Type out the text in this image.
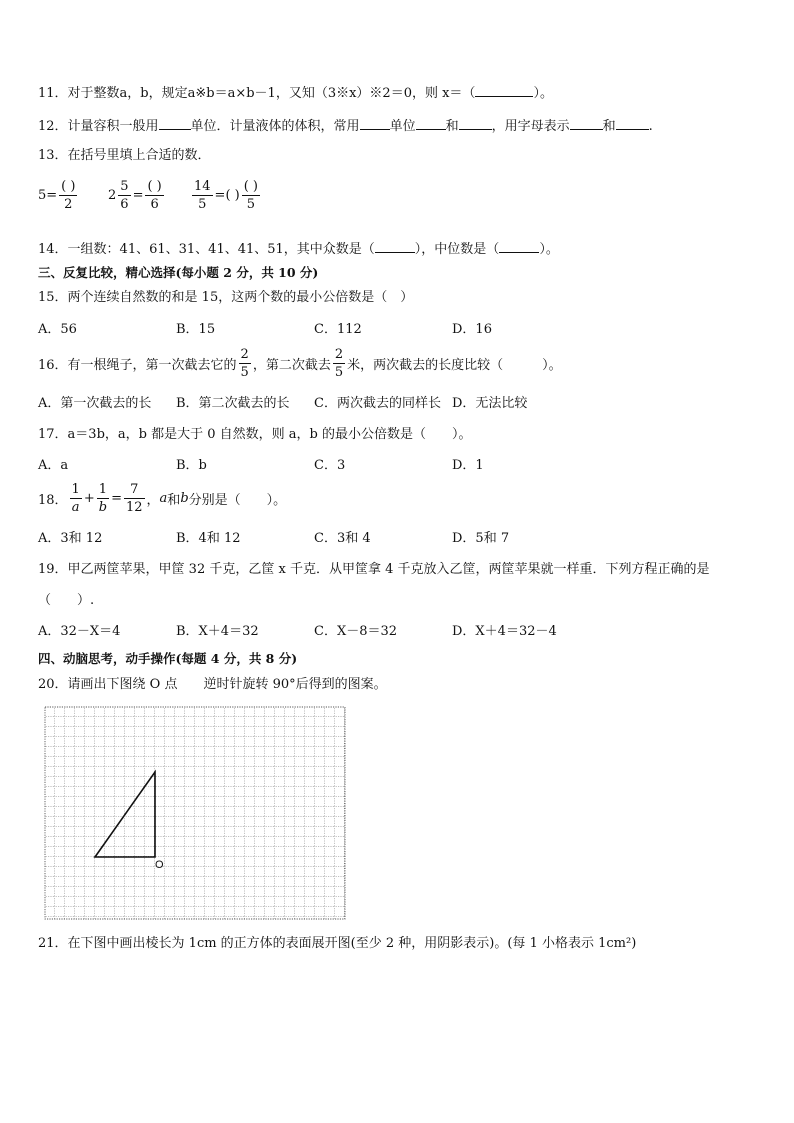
11．对于整数a，b，规定a※b＝a×b－1，又知（3※x）※2＝0，则 x＝（	）。
12．计量容积一般用 单位．计量液体的体积，常用 单位 和	，用字母表示	和	.
13．在括号里填上合适的数．
$5= \frac{( )}{2} 2 \frac{5}{6} = \frac{( )}{6} \frac{14}{5}$ =( ) $\frac{( )}{5}$
14．一组数：41、61、31、41、41、51，其中众数是（	），中位数是（	）。
三、反复比较，精心选择(每小题 2 分，共 10 分)
15．两个连续自然数的和是 15，这两个数的最小公倍数是（　）
A．56	B．15	C．112	D．16
16．有一根绳子，第一次截去它的 $\frac{2}{5}$ ，第二次截去 $\frac{2}{5}$ 米，两次截去的长度比较（　　　）。
A．第一次截去的长 B．第二次截去的长 C．两次截去的同样长 D．无法比较
17．a＝3b，a，b 都是大于 0 自然数，则 a，b 的最小公倍数是（　　）。
A．a	B．b	C．3	D．1
18． $\frac{1}{a} + \frac{1}{b} = \frac{7}{12}$ ，a和b分别是（　　）。
A．3和 12	B．4和 12	C．3和 4	D．5和 7
19．甲乙两筐苹果，甲筐 32 千克，乙筐 x 千克．从甲筐拿 4 千克放入乙筐，两筐苹果就一样重．下列方程正确的是
（　　）.
A．32－X＝4	B．X＋4＝32	C．X－8＝32	D．X＋4＝32－4
四、动脑思考，动手操作(每题 4 分，共 8 分)
20．请画出下图绕 O 点 逆时针旋转 90°后得到的图案。
O
21．在下图中画出棱长为 1cm 的正方体的表面展开图(至少 2 种，用阴影表示)。(每 1 小格表示 1cm²)
